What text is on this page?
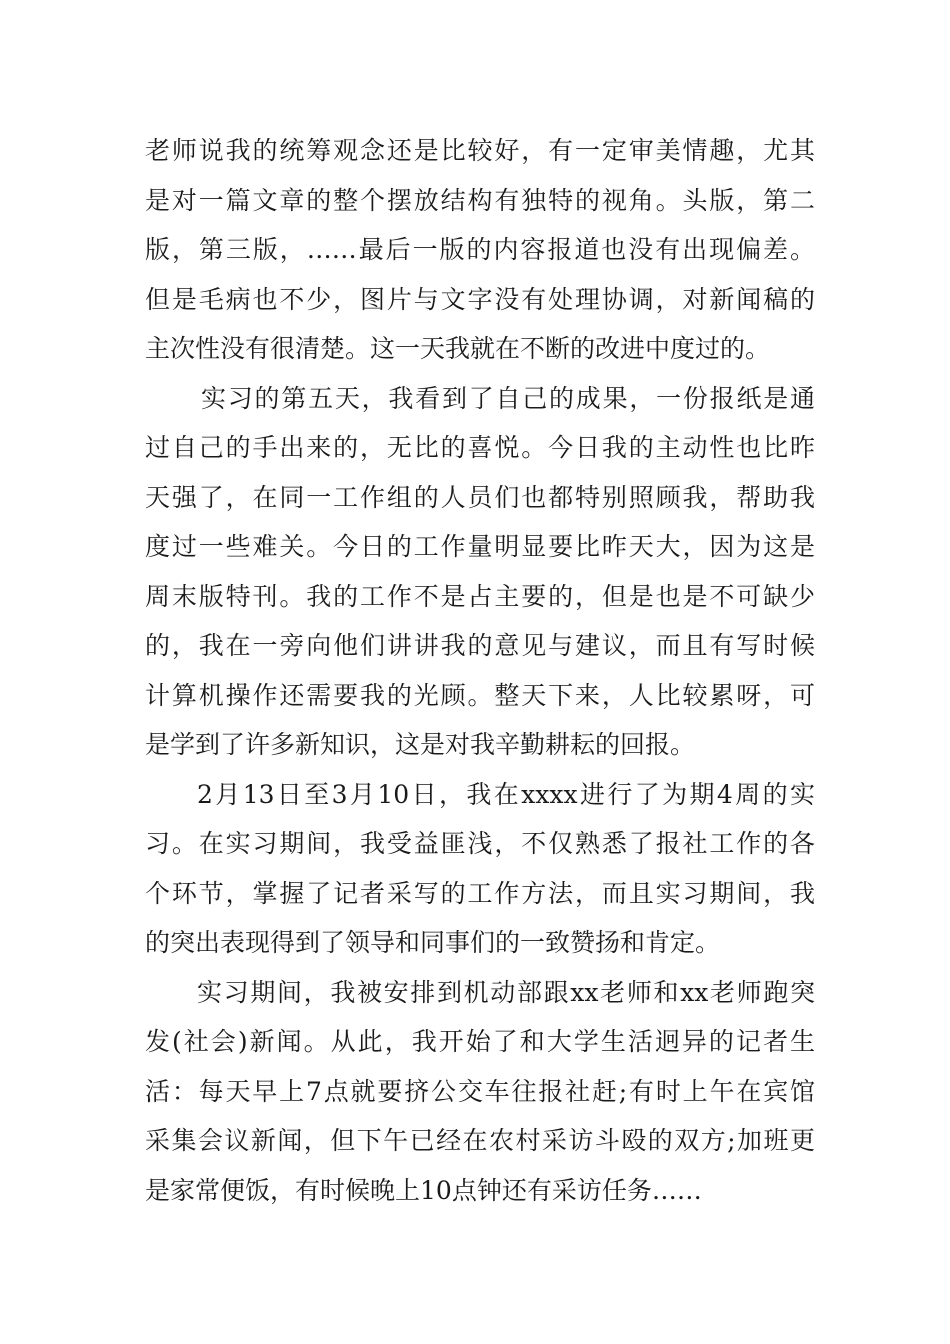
老师说我的统筹观念还是比较好，有一定审美情趣，尤其
是对一篇文章的整个摆放结构有独特的视角。头版，第二
版，第三版，……最后一版的内容报道也没有出现偏差。
但是毛病也不少，图片与文字没有处理协调，对新闻稿的
主次性没有很清楚。这一天我就在不断的改进中度过的。
实习的第五天，我看到了自己的成果，一份报纸是通
过自己的手出来的，无比的喜悦。今日我的主动性也比昨
天强了，在同一工作组的人员们也都特别照顾我，帮助我
度过一些难关。今日的工作量明显要比昨天大，因为这是
周末版特刊。我的工作不是占主要的，但是也是不可缺少
的，我在一旁向他们讲讲我的意见与建议，而且有写时候
计算机操作还需要我的光顾。整天下来，人比较累呀，可
是学到了许多新知识，这是对我辛勤耕耘的回报。
2月13日至3月10日，我在xxxx进行了为期4周的实
习。在实习期间，我受益匪浅，不仅熟悉了报社工作的各
个环节，掌握了记者采写的工作方法，而且实习期间，我
的突出表现得到了领导和同事们的一致赞扬和肯定。
实习期间，我被安排到机动部跟xx老师和xx老师跑突
发(社会)新闻。从此，我开始了和大学生活迥异的记者生
活：每天早上7点就要挤公交车往报社赶;有时上午在宾馆
采集会议新闻，但下午已经在农村采访斗殴的双方;加班更
是家常便饭，有时候晚上10点钟还有采访任务……
